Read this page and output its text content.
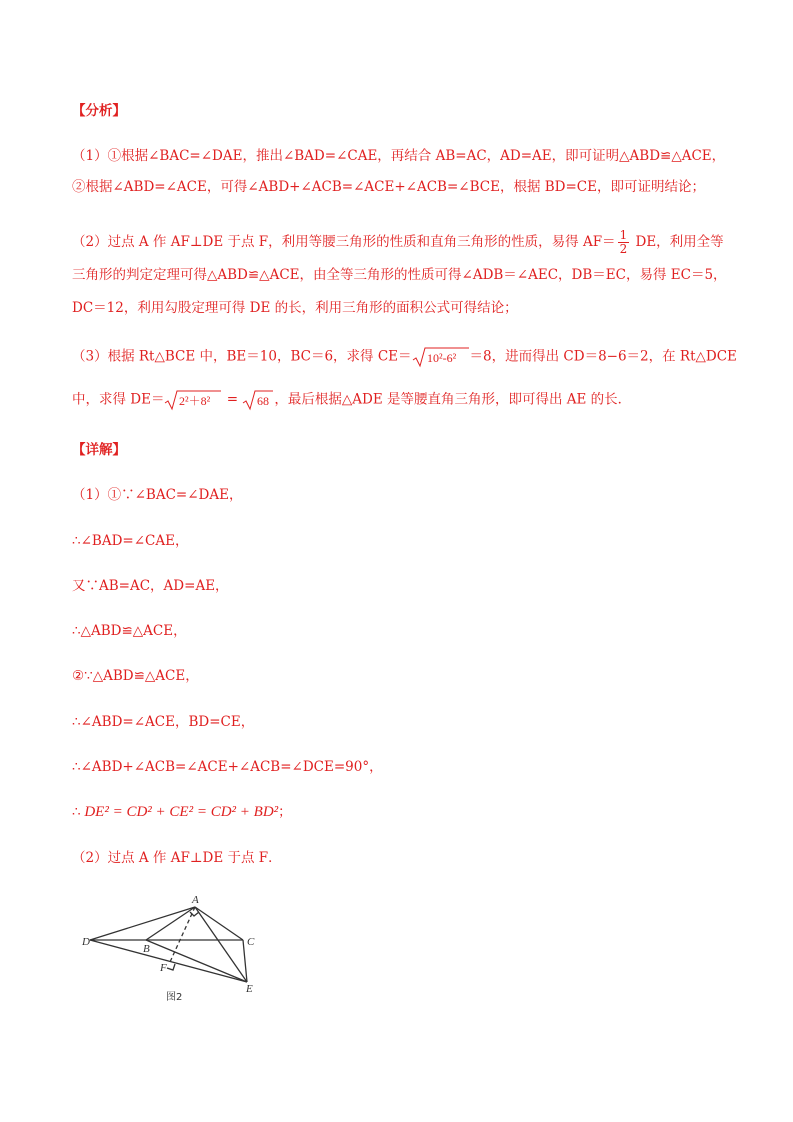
【分析】
（1）①根据∠BAC=∠DAE，推出∠BAD=∠CAE，再结合 AB=AC，AD=AE，即可证明△ABD≌△ACE，
②根据∠ABD=∠ACE，可得∠ABD+∠ACB=∠ACE+∠ACB=∠BCE，根据 BD=CE，即可证明结论；
（2）过点 A 作 AF⊥DE 于点 F，利用等腰三角形的性质和直角三角形的性质，易得 $AF= \frac{1}{2}$ DE，利用全等
三角形的判定定理可得△ABD≌△ACE，由全等三角形的性质可得∠ADB＝∠AEC，DB＝EC，易得 EC＝5，
DC＝12，利用勾股定理可得 DE 的长，利用三角形的面积公式可得结论；
（3）根据 Rt△BCE 中，BE＝10，BC＝6，求得 CE＝ 10²-6² ＝8，进而得出 CD＝8−6＝2，在 Rt△DCE
中，求得 DE＝ 2²＋8² = 68 ，最后根据△ADE 是等腰直角三角形，即可得出 AE 的长．
【详解】
（1）①∵∠BAC=∠DAE，
∴∠BAD=∠CAE，
又∵AB=AC，AD=AE，
∴△ABD≌△ACE，
②∵△ABD≌△ACE，
∴∠ABD=∠ACE，BD=CE，
∴∠ABD+∠ACB=∠ACE+∠ACB=∠DCE=90°，
∴ DE² = CD² + CE² = CD² + BD²；
（2）过点 A 作 AF⊥DE 于点 F．
A
B
C
D
E
F
图2
